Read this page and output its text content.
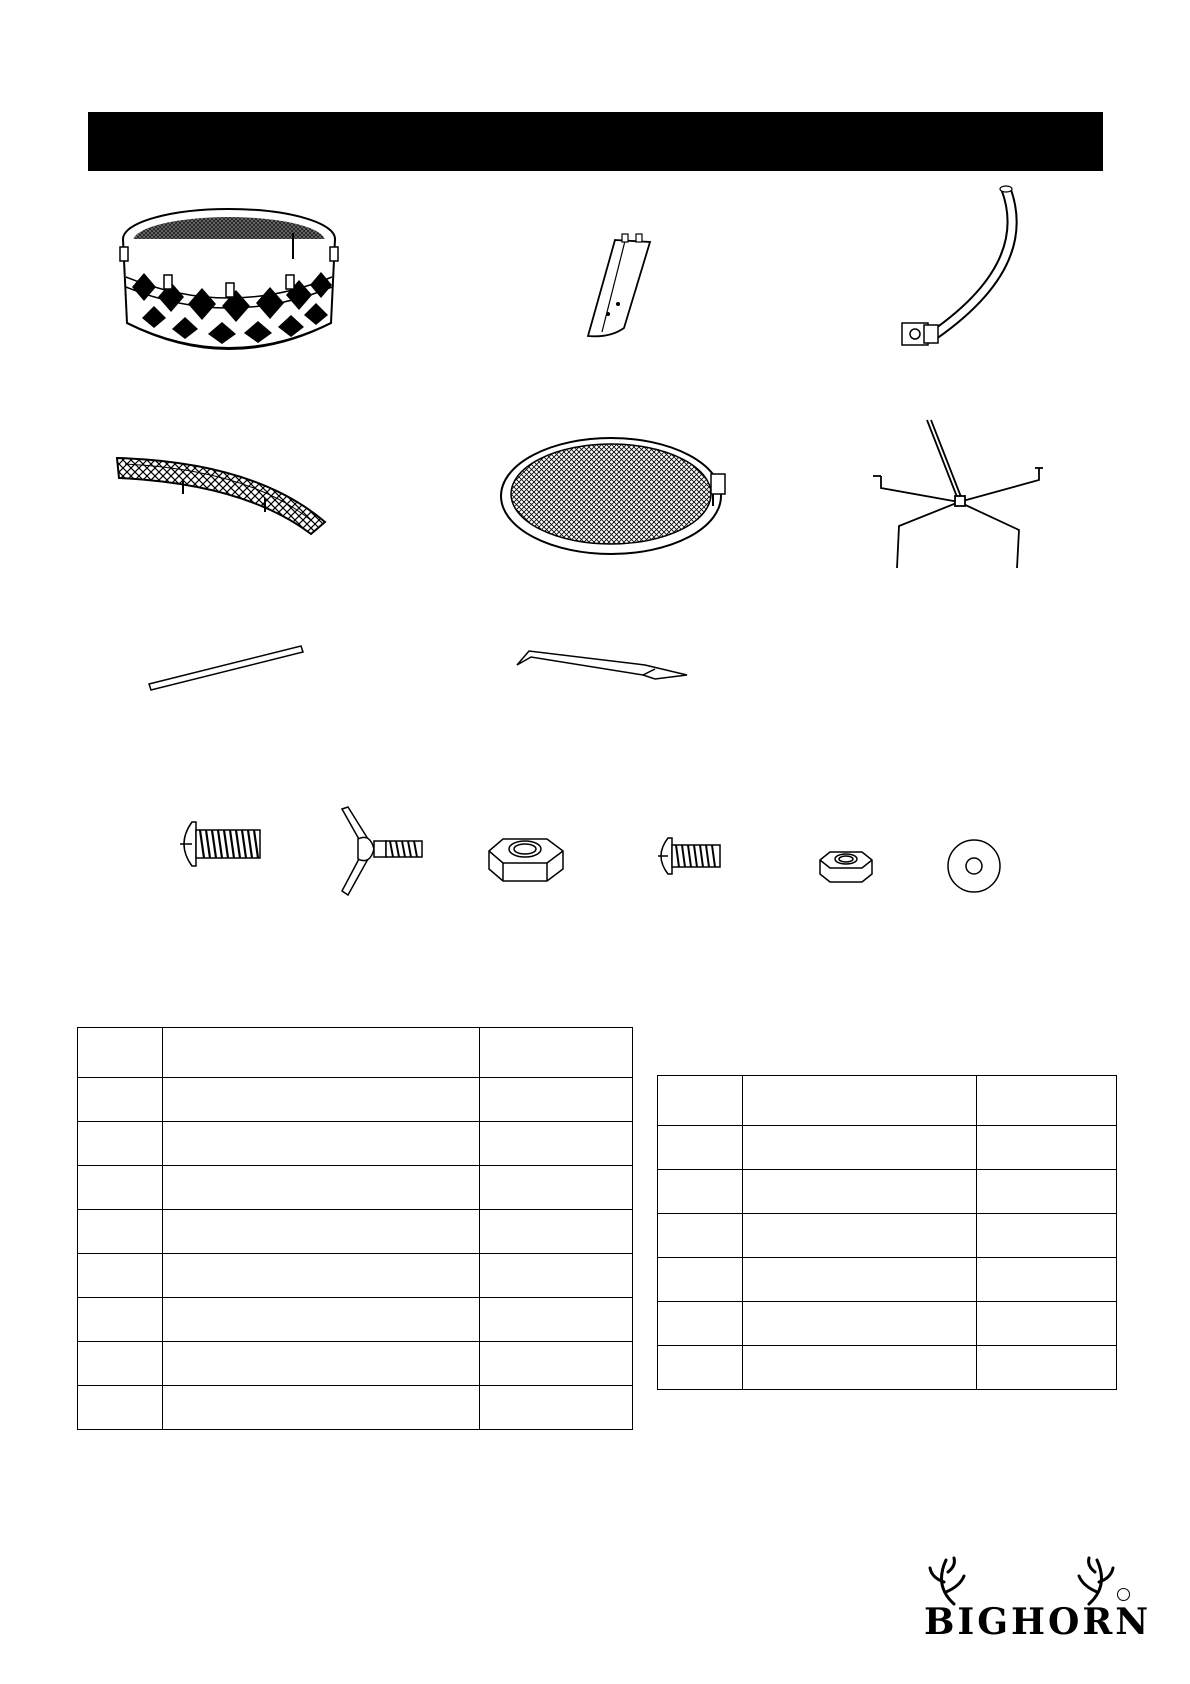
BIGHORN
